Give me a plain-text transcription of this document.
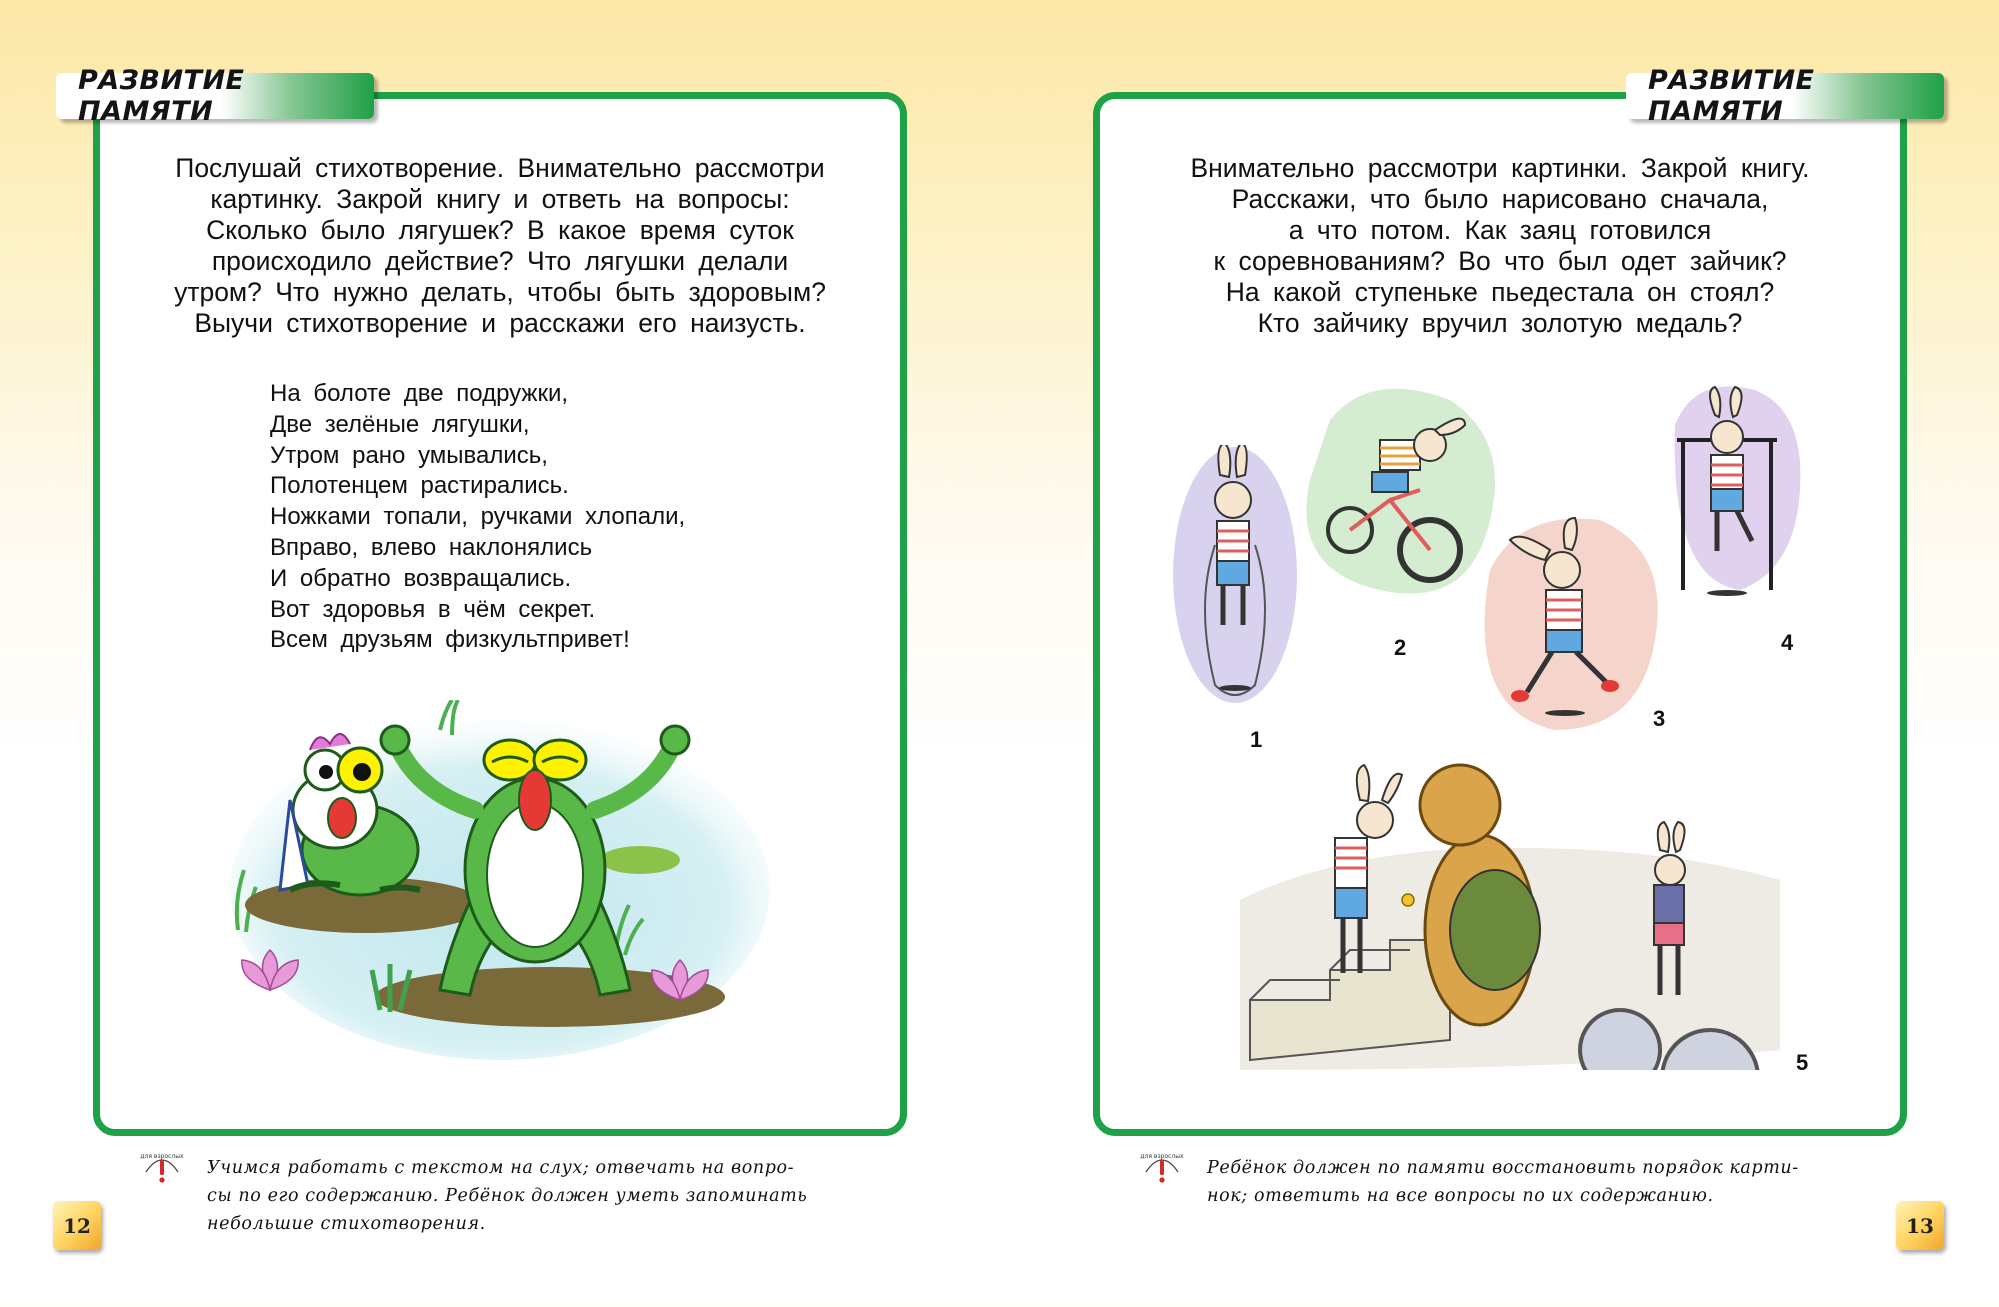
РАЗВИТИЕ ПАМЯТИ
Послушай стихотворение. Внимательно рассмотри
картинку. Закрой книгу и ответь на вопросы:
Сколько было лягушек? В какое время суток
происходило действие? Что лягушки делали
утром? Что нужно делать, чтобы быть здоровым?
Выучи стихотворение и расскажи его наизусть.
На болоте две подружки,
Две зелёные лягушки,
Утром рано умывались,
Полотенцем растирались.
Ножками топали, ручками хлопали,
Вправо, влево наклонялись
И обратно возвращались.
Вот здоровья в чём секрет.
Всем друзьям физкультпривет!
для взрослых
Учимся работать с текстом на слух; отвечать на вопро-
сы по его содержанию. Ребёнок должен уметь запоминать
небольшие стихотворения.
12
РАЗВИТИЕ ПАМЯТИ
Внимательно рассмотри картинки. Закрой книгу.
Расскажи, что было нарисовано сначала,
а что потом. Как заяц готовился
к соревнованиям? Во что был одет зайчик?
На какой ступеньке пьедестала он стоял?
Кто зайчику вручил золотую медаль?
1
2
3
4
5
для взрослых
Ребёнок должен по памяти восстановить порядок карти-
нок; ответить на все вопросы по их содержанию.
13
